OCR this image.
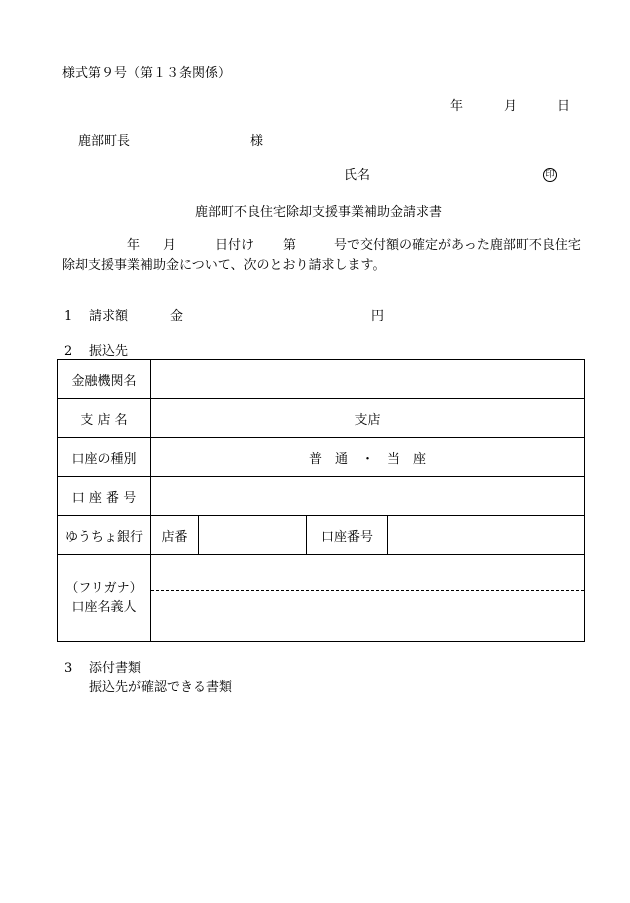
様式第９号（第１３条関係）
年	月	日
鹿部町長	様
氏名	印
鹿部町不良住宅除却支援事業補助金請求書
年 月	日付け 第	号で交付額の確定があった鹿部町不良住宅
除却支援事業補助金について、次のとおり請求します。
1 請求額	金	円
2 振込先
金融機関名				
支 店 名	支店			
口座の種別	普　通　・　当　座			
口 座 番 号				
ゆうちょ銀行	店番		口座番号	
（フリガナ）
口座名義人				
3 添付書類
振込先が確認できる書類
